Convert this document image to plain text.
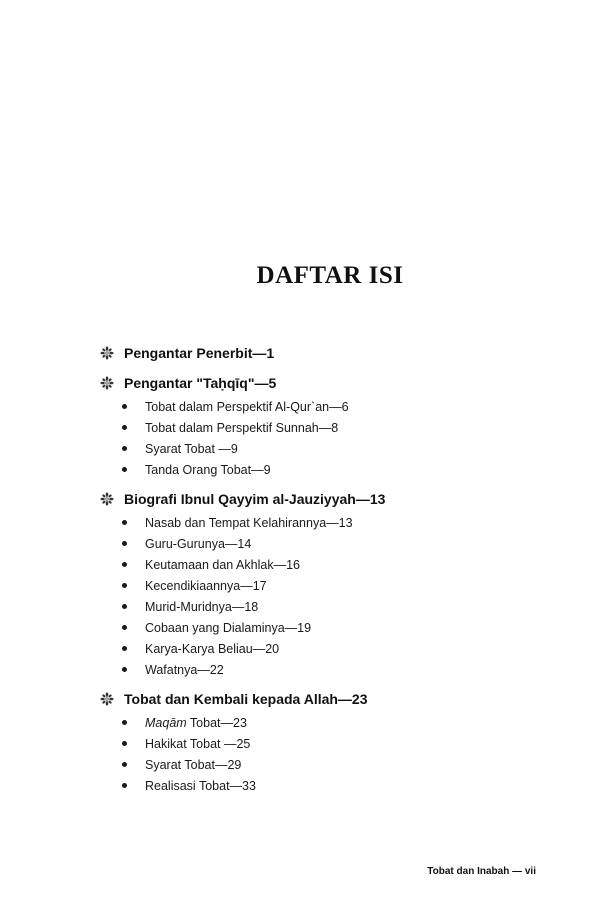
DAFTAR ISI
Pengantar Penerbit—1
Pengantar "Taḥqīq"—5
Tobat dalam Perspektif Al-Qur`an—6
Tobat dalam Perspektif Sunnah—8
Syarat Tobat —9
Tanda Orang Tobat—9
Biografi Ibnul Qayyim al-Jauziyyah—13
Nasab dan Tempat Kelahirannya—13
Guru-Gurunya—14
Keutamaan dan Akhlak—16
Kecendikiaannya—17
Murid-Muridnya—18
Cobaan yang Dialaminya—19
Karya-Karya Beliau—20
Wafatnya—22
Tobat dan Kembali kepada Allah—23
Maqām Tobat—23
Hakikat Tobat —25
Syarat Tobat—29
Realisasi Tobat—33
Tobat dan Inabah — vii
